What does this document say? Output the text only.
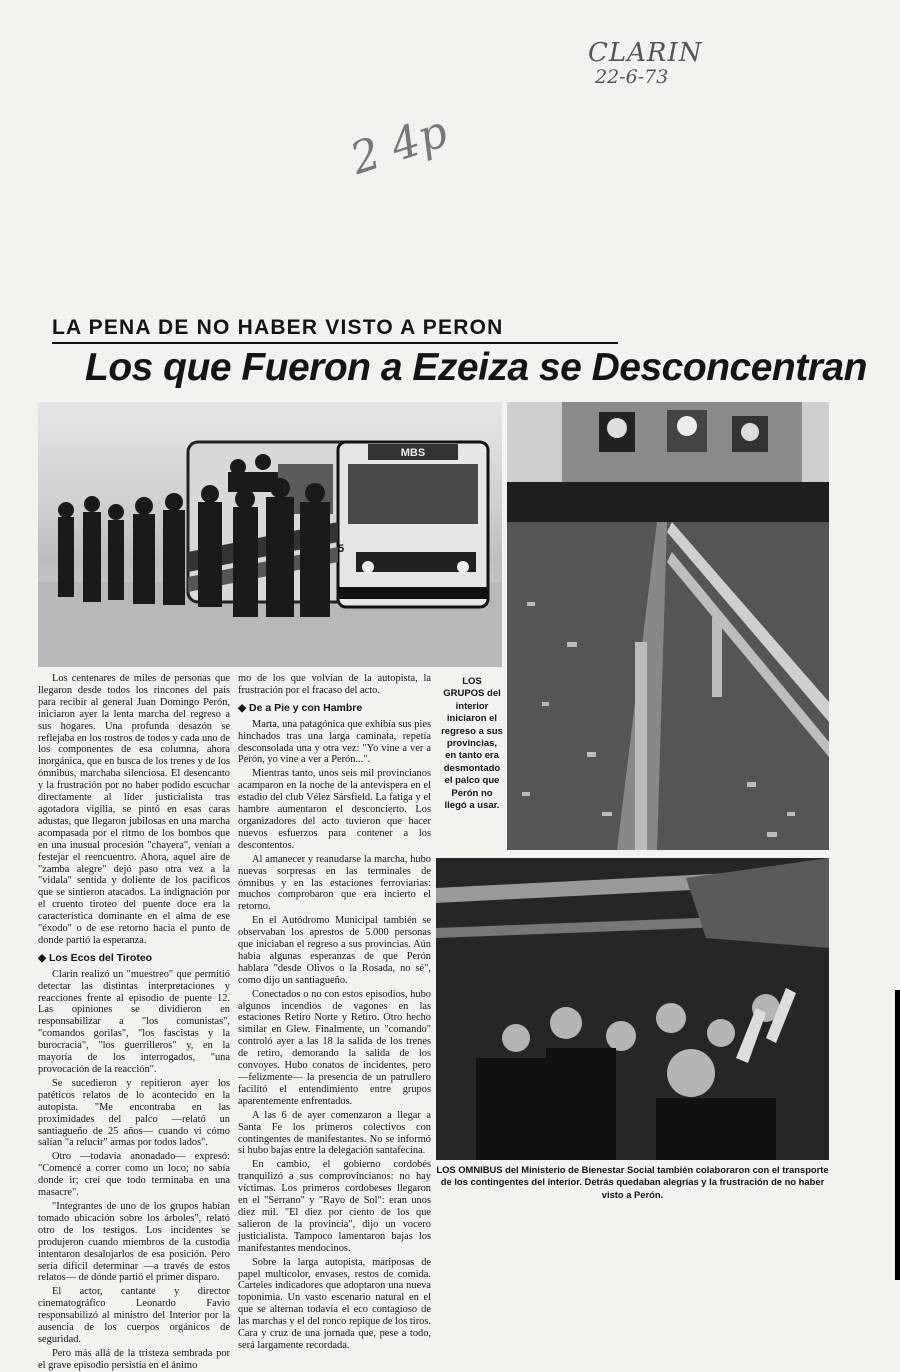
CLARIN
22-6-73
2 4p
LA PENA DE NO HABER VISTO A PERON
Los que Fueron a Ezeiza se Desconcentran
MBS
5
LOS GRUPOS del interior iniciaron el regreso a sus provincias, en tanto era desmontado el palco que Perón no llegó a usar.
LOS OMNIBUS del Ministerio de Bienestar Social también colaboraron con el transporte de los contingentes del interior. Detrás quedaban alegrías y la frustración de no haber visto a Perón.

Los centenares de miles de personas que llegaron desde todos los rincones del país para recibir al general Juan Domingo Perón, iniciaron ayer la lenta marcha del regreso a sus hogares. Una profunda desazón se reflejaba en los rostros de todos y cada uno de los componentes de esa columna, ahora inorgánica, que en busca de los trenes y de los ómnibus, marchaba silenciosa. El desencanto y la frustración por no haber podido escuchar directamente al líder justicialista tras agotadora vigilia, se pintó en esas caras adustas, que llegaron jubilosas en una marcha acompasada por el ritmo de los bombos que en una inusual procesión "chayera", venían a festejar el reencuentro. Ahora, aquel aire de "zamba alegre" dejó paso otra vez a la "vidala" sentida y doliente de los pacíficos que se sintieron atacados. La indignación por el cruento tiroteo del puente doce era la característica dominante en el alma de ese "éxodo" o de ese retorno hacia el punto de donde partió la esperanza.

◆ Los Ecos del Tiroteo

Clarín realizó un "muestreo" que permitió detectar las distintas interpretaciones y reacciones frente al episodio de puente 12. Las opiniones se dividieron en responsabilizar a "los comunistas", "comandos gorilas", "los fascistas y la burocracia", "los guerrilleros" y, en la mayoría de los interrogados, "una provocación de la reacción".

Se sucedieron y repitieron ayer los patéticos relatos de lo acontecido en la autopista. "Me encontraba en las proximidades del palco —relató un santiagueño de 25 años— cuando vi cómo salían "a relucir" armas por todos lados".

Otro —todavía anonadado— expresó: "Comencé a correr como un loco; no sabía donde ir; creí que todo terminaba en una masacre".

"Integrantes de uno de los grupos habían tomado ubicación sobre los árboles", relató otro de los testigos. Los incidentes se produjeron cuando miembros de la custodia intentaron desalojarlos de esa posición. Pero sería difícil determinar —a través de estos relatos— de dónde partió el primer disparo.

El actor, cantante y director cinematográfico Leonardo Favio responsabilizó al ministro del Interior por la ausencia de los cuerpos orgánicos de seguridad.

Pero más allá de la tristeza sembrada por el grave episodio persistía en el ánimo

mo de los que volvían de la autopista, la frustración por el fracaso del acto.

◆ De a Pie y con Hambre

Marta, una patagónica que exhibía sus pies hinchados tras una larga caminata, repetía desconsolada una y otra vez: "Yo vine a ver a Perón, yo vine a ver a Perón...".

Mientras tanto, unos seis mil provincianos acamparon en la noche de la antevíspera en el estadio del club Vélez Sársfield. La fatiga y el hambre aumentaron el desconcierto. Los organizadores del acto tuvieron que hacer nuevos esfuerzos para contener a los descontentos.

Al amanecer y reanudarse la marcha, hubo nuevas sorpresas en las terminales de ómnibus y en las estaciones ferroviarias: muchos comprobaron que era incierto el retorno.

En el Autódromo Municipal también se observaban los aprestos de 5.000 personas que iniciaban el regreso a sus provincias. Aún había algunas esperanzas de que Perón hablara "desde Olivos o la Rosada, no sé", como dijo un santiagueño.

Conectados o no con estos episodios, hubo algunos incendios de vagones en las estaciones Retiro Norte y Retiro. Otro hecho similar en Glew. Finalmente, un "comando" controló ayer a las 18 la salida de los trenes de retiro, demorando la salida de los convoyes. Hubo conatos de incidentes, pero —felizmente— la presencia de un patrullero facilitó el entendimiento entre grupos aparentemente enfrentados.

A las 6 de ayer comenzaron a llegar a Santa Fe los primeros colectivos con contingentes de manifestantes. No se informó si hubo bajas entre la delegación santafecina.

En cambio, el gobierno cordobés tranquilizó a sus comprovincianos: no hay víctimas. Los primeros cordobeses llegaron en el "Serrano" y "Rayo de Sol": eran unos diez mil. "El diez por ciento de los que salieron de la provincia", dijo un vocero justicialista. Tampoco lamentaron bajas los manifestantes mendocinos.

Sobre la larga autopista, mariposas de papel multicolor, envases, restos de comida. Carteles indicadores que adoptaron una nueva toponimia. Un vasto escenario natural en el que se alternan todavía el eco contagioso de las marchas y el del ronco repique de los tiros. Cara y cruz de una jornada que, pese a todo, será largamente recordada.
